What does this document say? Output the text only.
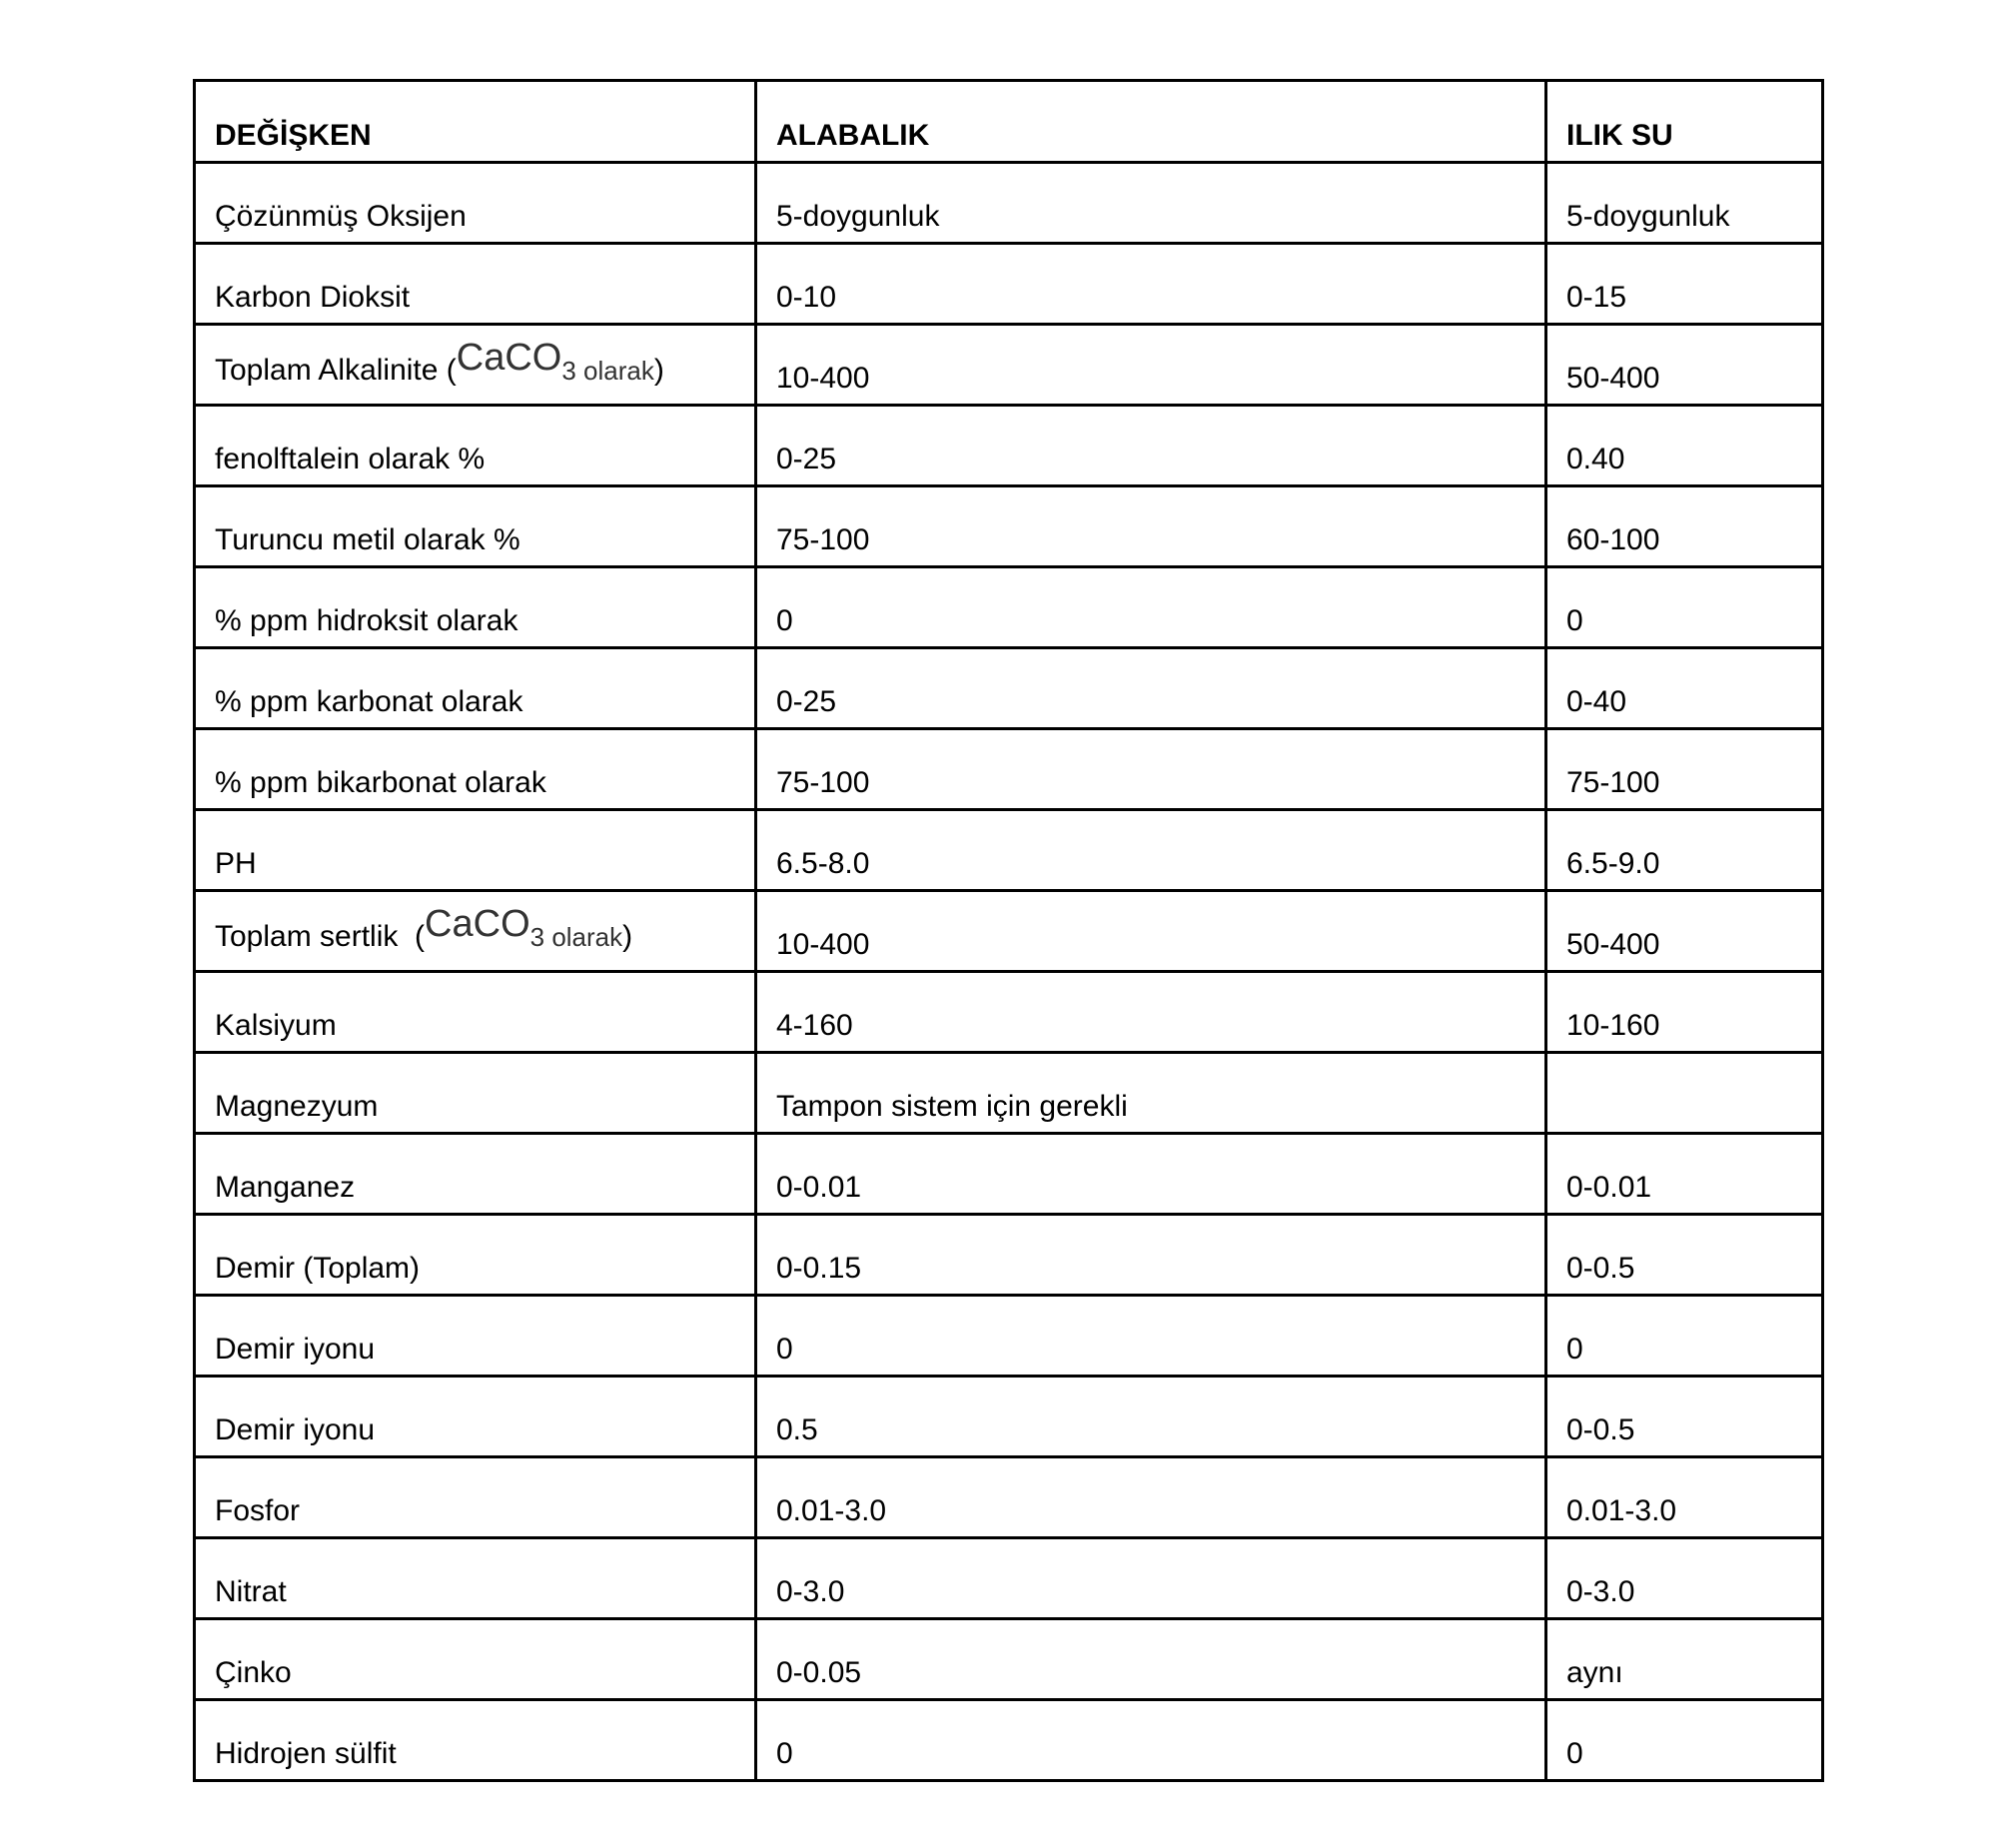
DEĞİŞKEN	ALABALIK	ILIK SU
Çözünmüş Oksijen	5-doygunluk	5-doygunluk
Karbon Dioksit	0-10	0-15
Toplam Alkalinite (CaCO$_{3 olarak}$)	10-400	50-400
fenolftalein olarak %	0-25	0.40
Turuncu metil olarak %	75-100	60-100
% ppm hidroksit olarak	0	0
% ppm karbonat olarak	0-25	0-40
% ppm bikarbonat olarak	75-100	75-100
PH	6.5-8.0	6.5-9.0
Toplam sertlik  (CaCO$_{3 olarak}$)	10-400	50-400
Kalsiyum	4-160	10-160
Magnezyum	Tampon sistem için gerekli	
Manganez	0-0.01	0-0.01
Demir (Toplam)	0-0.15	0-0.5
Demir iyonu	0	0
Demir iyonu	0.5	0-0.5
Fosfor	0.01-3.0	0.01-3.0
Nitrat	0-3.0	0-3.0
Çinko	0-0.05	aynı
Hidrojen sülfit	0	0
